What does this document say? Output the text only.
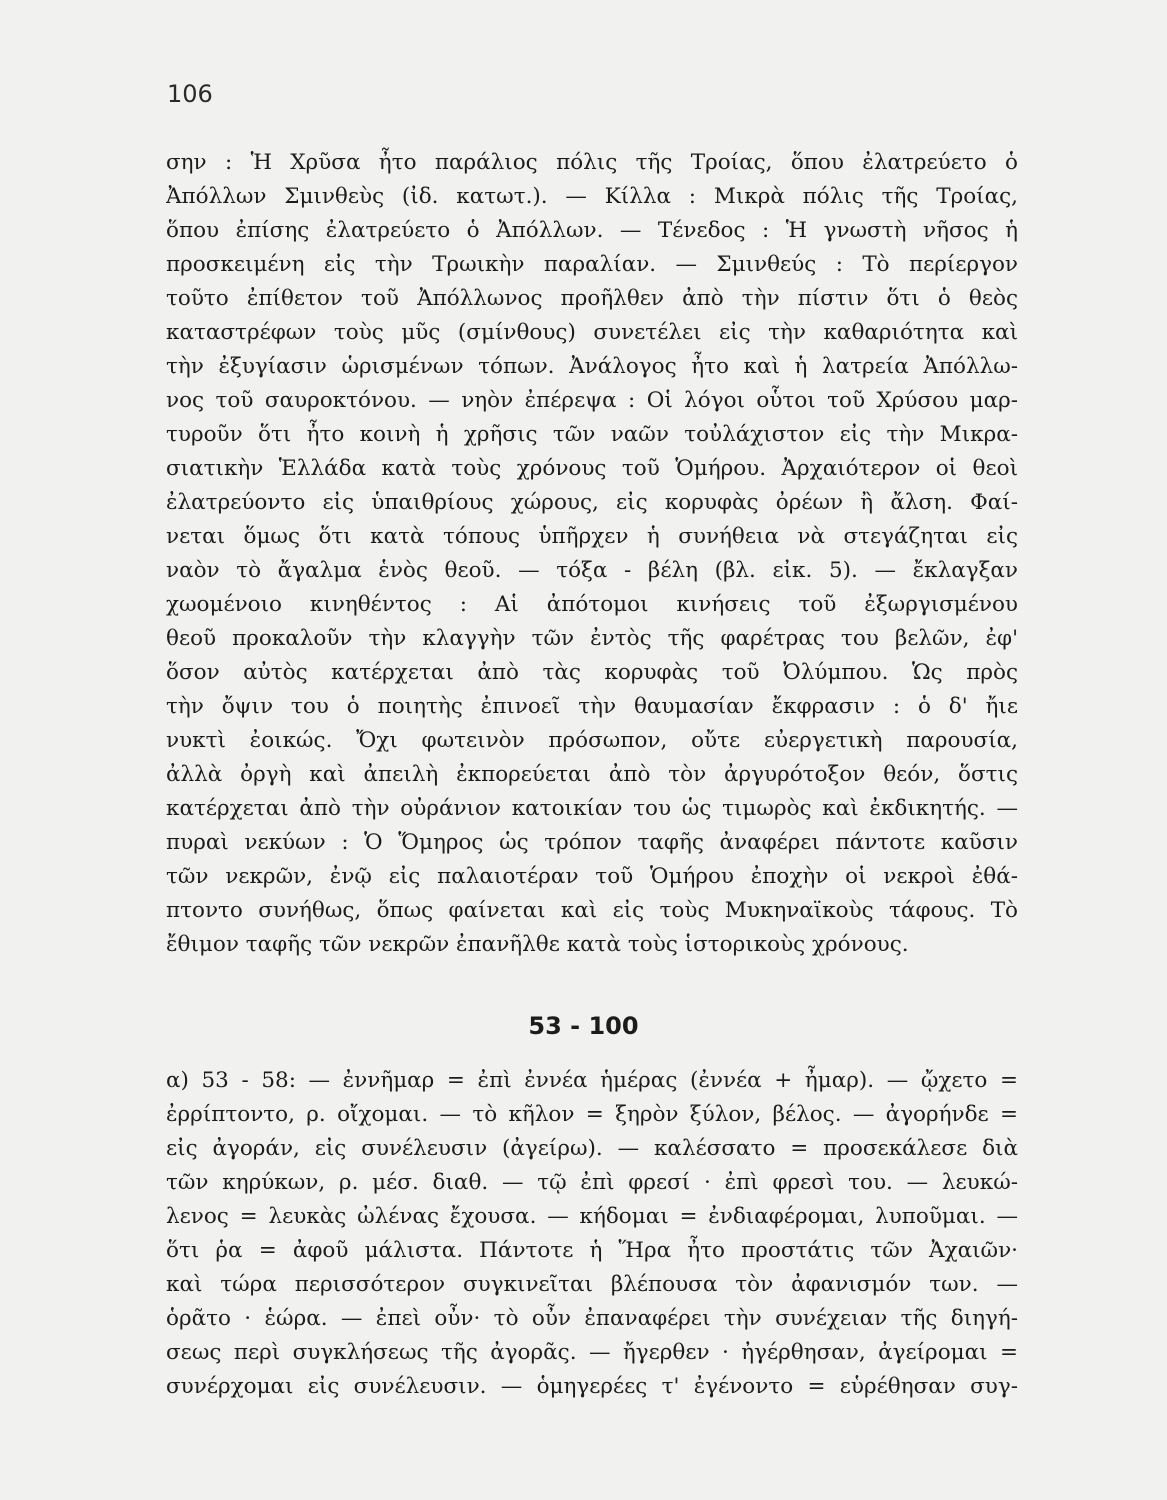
106
σην : Ἡ Χρῦσα ἦτο παράλιος πόλις τῆς Τροίας, ὅπου ἐλατρεύετο ὁ
Ἀπόλλων Σμινθεὺς (ἰδ. κατωτ.). — Κίλλα : Μικρὰ πόλις τῆς Τροίας,
ὅπου ἐπίσης ἐλατρεύετο ὁ Ἀπόλλων. — Τένεδος : Ἡ γνωστὴ νῆσος ἡ
προσκειμένη εἰς τὴν Τρωικὴν παραλίαν. — Σμινθεύς : Τὸ περίεργον
τοῦτο ἐπίθετον τοῦ Ἀπόλλωνος προῆλθεν ἀπὸ τὴν πίστιν ὅτι ὁ θεὸς
καταστρέφων τοὺς μῦς (σμίνθους) συνετέλει εἰς τὴν καθαριότητα καὶ
τὴν ἐξυγίασιν ὡρισμένων τόπων. Ἀνάλογος ἦτο καὶ ἡ λατρεία Ἀπόλλω-
νος τοῦ σαυροκτόνου. — νηὸν ἐπέρεψα : Οἱ λόγοι οὗτοι τοῦ Χρύσου μαρ-
τυροῦν ὅτι ἦτο κοινὴ ἡ χρῆσις τῶν ναῶν τοὐλάχιστον εἰς τὴν Μικρα-
σιατικὴν Ἑλλάδα κατὰ τοὺς χρόνους τοῦ Ὁμήρου. Ἀρχαιότερον οἱ θεοὶ
ἐλατρεύοντο εἰς ὑπαιθρίους χώρους, εἰς κορυφὰς ὀρέων ἢ ἄλση. Φαί-
νεται ὅμως ὅτι κατὰ τόπους ὑπῆρχεν ἡ συνήθεια νὰ στεγάζηται εἰς
ναὸν τὸ ἄγαλμα ἑνὸς θεοῦ. — τόξα - βέλη (βλ. εἰκ. 5). — ἔκλαγξαν
χωομένοιο κινηθέντος : Αἱ ἀπότομοι κινήσεις τοῦ ἐξωργισμένου
θεοῦ προκαλοῦν τὴν κλαγγὴν τῶν ἐντὸς τῆς φαρέτρας του βελῶν, ἐφ'
ὅσον αὐτὸς κατέρχεται ἀπὸ τὰς κορυφὰς τοῦ Ὀλύμπου. Ὡς πρὸς
τὴν ὄψιν του ὁ ποιητὴς ἐπινοεῖ τὴν θαυμασίαν ἔκφρασιν : ὁ δ' ἤιε
νυκτὶ ἐοικώς. Ὄχι φωτεινὸν πρόσωπον, οὔτε εὐεργετικὴ παρουσία,
ἀλλὰ ὀργὴ καὶ ἀπειλὴ ἐκπορεύεται ἀπὸ τὸν ἀργυρότοξον θεόν, ὅστις
κατέρχεται ἀπὸ τὴν οὐράνιον κατοικίαν του ὡς τιμωρὸς καὶ ἐκδικητής. —
πυραὶ νεκύων : Ὁ Ὅμηρος ὡς τρόπον ταφῆς ἀναφέρει πάντοτε καῦσιν
τῶν νεκρῶν, ἐνῷ εἰς παλαιοτέραν τοῦ Ὁμήρου ἐποχὴν οἱ νεκροὶ ἐθά-
πτοντο συνήθως, ὅπως φαίνεται καὶ εἰς τοὺς Μυκηναϊκοὺς τάφους. Τὸ
ἔθιμον ταφῆς τῶν νεκρῶν ἐπανῆλθε κατὰ τοὺς ἱστορικοὺς χρόνους.
53 - 100
α) 53 - 58: — ἐννῆμαρ = ἐπὶ ἐννέα ἡμέρας (ἐννέα + ἦμαρ). — ᾤχετο =
ἐρρίπτοντο, ρ. οἴχομαι. — τὸ κῆλον = ξηρὸν ξύλον, βέλος. — ἀγορήνδε =
εἰς ἀγοράν, εἰς συνέλευσιν (ἀγείρω). — καλέσσατο = προσεκάλεσε διὰ
τῶν κηρύκων, ρ. μέσ. διαθ. — τῷ ἐπὶ φρεσί · ἐπὶ φρεσὶ του. — λευκώ-
λενος = λευκὰς ὠλένας ἔχουσα. — κήδομαι = ἐνδιαφέρομαι, λυποῦμαι. —
ὅτι ῥα = ἀφοῦ μάλιστα. Πάντοτε ἡ Ἥρα ἦτο προστάτις τῶν Ἀχαιῶν·
καὶ τώρα περισσότερον συγκινεῖται βλέπουσα τὸν ἀφανισμόν των. —
ὁρᾶτο · ἑώρα. — ἐπεὶ οὖν· τὸ οὖν ἐπαναφέρει τὴν συνέχειαν τῆς διηγή-
σεως περὶ συγκλήσεως τῆς ἀγορᾶς. — ἤγερθεν · ἠγέρθησαν, ἀγείρομαι =
συνέρχομαι εἰς συνέλευσιν. — ὁμηγερέες τ' ἐγένοντο = εὑρέθησαν συγ-
